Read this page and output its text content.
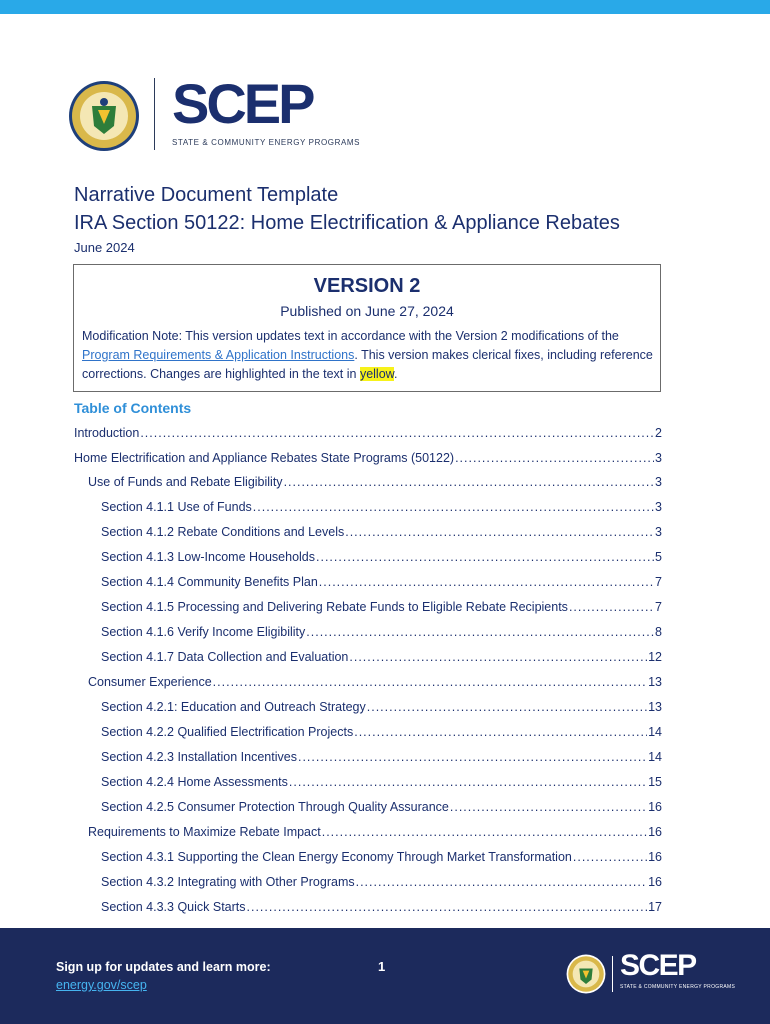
SCEP
STATE & COMMUNITY ENERGY PROGRAMS
Narrative Document Template
IRA Section 50122: Home Electrification & Appliance Rebates
June 2024
VERSION 2
Published on June 27, 2024
Modification Note: This version updates text in accordance with the Version 2 modifications of the Program Requirements & Application Instructions. This version makes clerical fixes, including reference corrections. Changes are highlighted in the text in yellow.
Table of Contents
Introduction .....	2
Home Electrification and Appliance Rebates State Programs (50122) .....	3
Use of Funds and Rebate Eligibility .....	3
Section 4.1.1 Use of Funds .....	3
Section 4.1.2 Rebate Conditions and Levels .....	3
Section 4.1.3 Low-Income Households .....	5
Section 4.1.4 Community Benefits Plan .....	7
Section 4.1.5 Processing and Delivering Rebate Funds to Eligible Rebate Recipients .....	7
Section 4.1.6 Verify Income Eligibility .....	8
Section 4.1.7 Data Collection and Evaluation .....	12
Consumer Experience .....	13
Section 4.2.1: Education and Outreach Strategy .....	13
Section 4.2.2 Qualified Electrification Projects .....	14
Section 4.2.3 Installation Incentives .....	14
Section 4.2.4 Home Assessments .....	15
Section 4.2.5 Consumer Protection Through Quality Assurance .....	16
Requirements to Maximize Rebate Impact .....	16
Section 4.3.1 Supporting the Clean Energy Economy Through Market Transformation .....	16
Section 4.3.2 Integrating with Other Programs .....	16
Section 4.3.3 Quick Starts .....	17
Sign up for updates and learn more:
energy.gov/scep
1	SCEP
STATE & COMMUNITY ENERGY PROGRAMS
